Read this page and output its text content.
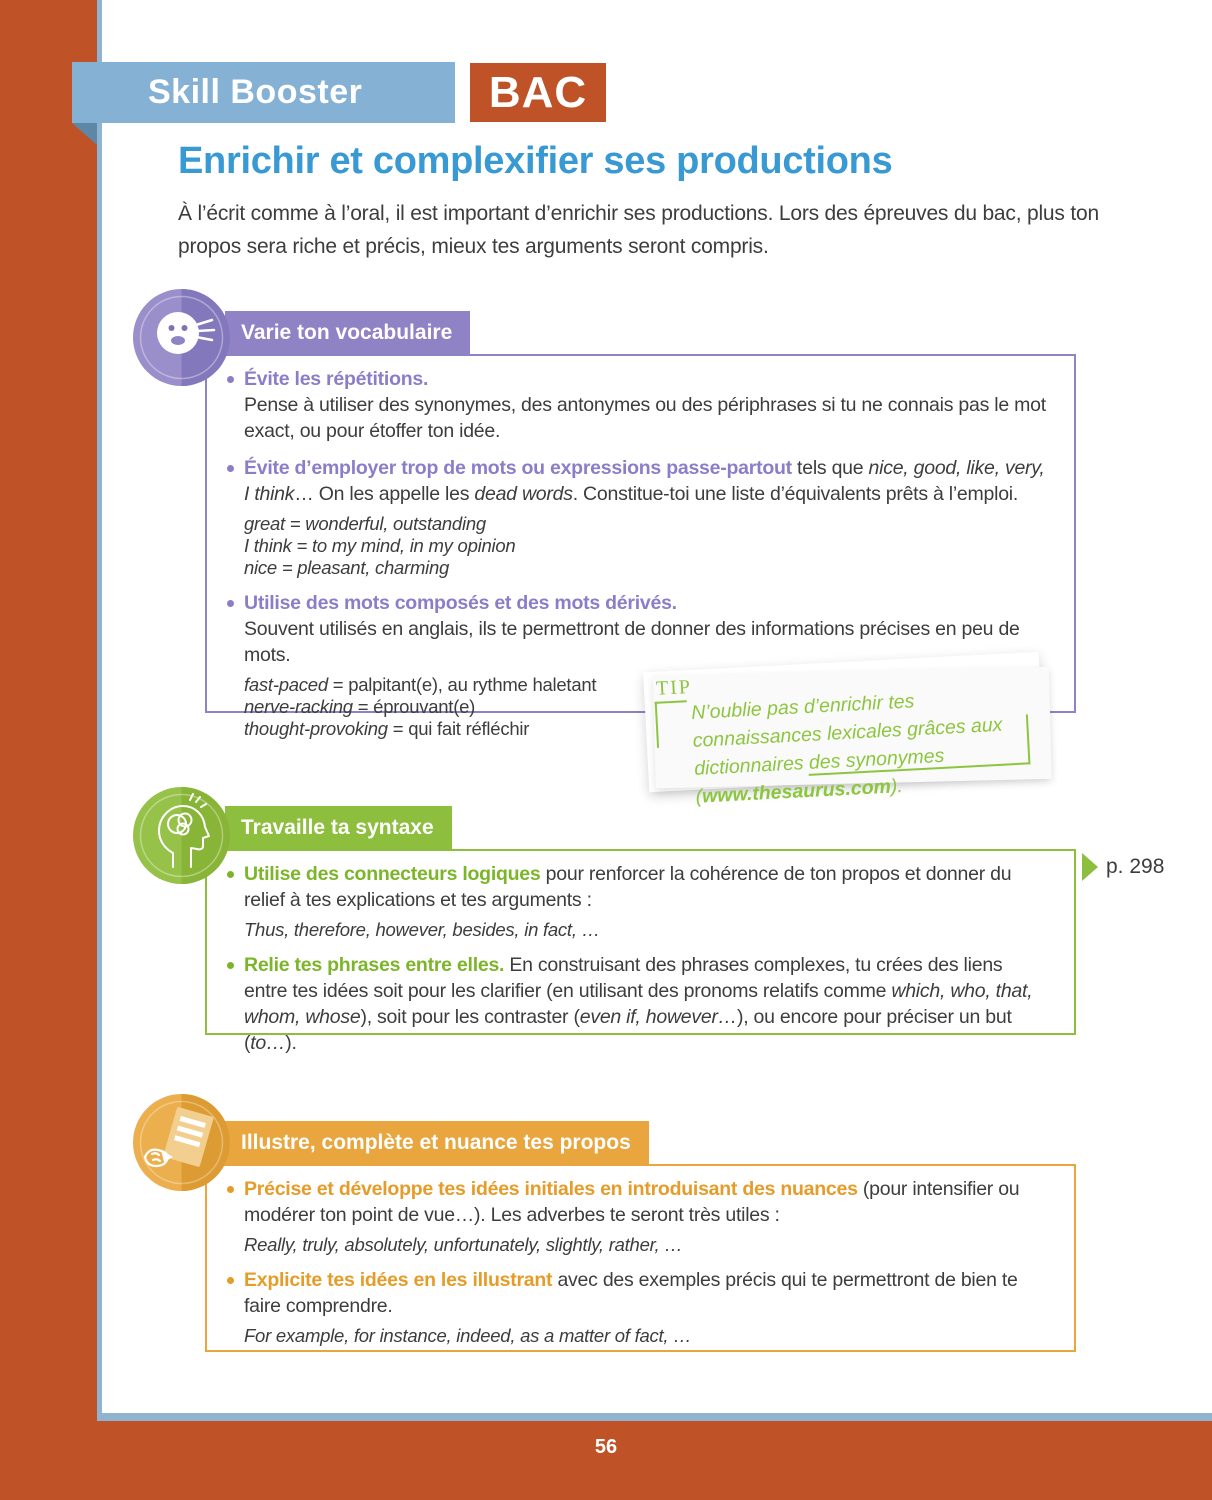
56
Skill Booster	BAC
Enrichir et complexifier ses productions
À l’écrit comme à l’oral, il est important d’enrichir ses productions. Lors des épreuves du bac, plus ton propos sera riche et précis, mieux tes arguments seront compris.
Varie ton vocabulaire
Évite les répétitions.
Pense à utiliser des synonymes, des antonymes ou des périphrases si tu ne connais pas le mot exact, ou pour étoffer ton idée.
Évite d’employer trop de mots ou expressions passe-partout tels que nice, good, like, very, I think… On les appelle les dead words. Constitue-toi une liste d’équivalents prêts à l’emploi.
great = wonderful, outstanding
I think = to my mind, in my opinion
nice = pleasant, charming
Utilise des mots composés et des mots dérivés.
Souvent utilisés en anglais, ils te permettront de donner des informations précises en peu de mots.
fast-paced = palpitant(e), au rythme haletant
nerve-racking = éprouvant(e)
thought-provoking = qui fait réfléchir
TIP
N’oublie pas d’enrichir tes connaissances lexicales grâces aux dictionnaires des synonymes (www.thesaurus.com).
Travaille ta syntaxe
Utilise des connecteurs logiques pour renforcer la cohérence de ton propos et donner du relief à tes explications et tes arguments :
Thus, therefore, however, besides, in fact, …
Relie tes phrases entre elles. En construisant des phrases complexes, tu crées des liens entre tes idées soit pour les clarifier (en utilisant des pronoms relatifs comme which, who, that, whom, whose), soit pour les contraster (even if, however…), ou encore pour préciser un but (to…).
p. 298
Illustre, complète et nuance tes propos
Précise et développe tes idées initiales en introduisant des nuances (pour intensifier ou modérer ton point de vue…). Les adverbes te seront très utiles :
Really, truly, absolutely, unfortunately, slightly, rather, …
Explicite tes idées en les illustrant avec des exemples précis qui te permettront de bien te faire comprendre.
For example, for instance, indeed, as a matter of fact, …
